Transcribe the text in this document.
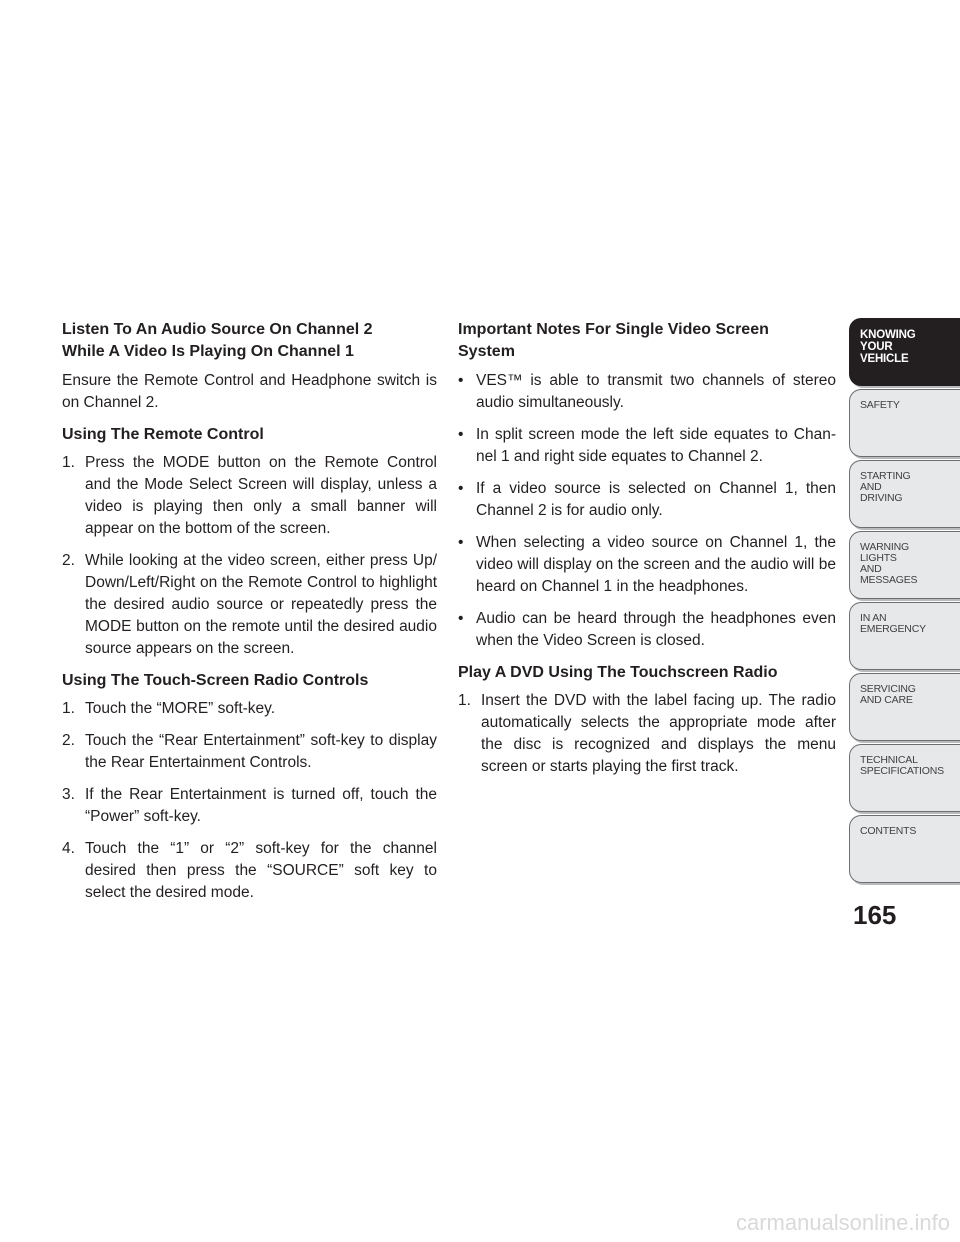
Listen To An Audio Source On Channel 2
While A Video Is Playing On Channel 1

Ensure the Remote Control and Headphone switch is on Channel 2.

Using The Remote Control
1. Press the MODE button on the Remote Control and the Mode Select Screen will display, unless a video is playing then only a small banner will appear on the bottom of the screen.
2. While looking at the video screen, either press Up/ Down/Left/Right on the Remote Control to highlight the desired audio source or repeatedly press the MODE button on the remote until the desired audio source appears on the screen.
Using The Touch-Screen Radio Controls
1. Touch the “MORE” soft-key.
2. Touch the “Rear Entertainment” soft-key to display the Rear Entertainment Controls.
3. If the Rear Entertainment is turned off, touch the “Power” soft-key.
4. Touch the “1” or “2” soft-key for the channel desired then press the “SOURCE” soft key to select the desired mode.
Important Notes For Single Video Screen
System
• VES™ is able to transmit two channels of stereo audio simultaneously.
• In split screen mode the left side equates to Chan- nel 1 and right side equates to Channel 2.
• If a video source is selected on Channel 1, then Channel 2 is for audio only.
• When selecting a video source on Channel 1, the video will display on the screen and the audio will be heard on Channel 1 in the headphones.
• Audio can be heard through the headphones even when the Video Screen is closed.
Play A DVD Using The Touchscreen Radio
1. Insert the DVD with the label facing up. The radio automatically selects the appropriate mode after the disc is recognized and displays the menu screen or starts playing the first track.
KNOWING
YOUR
VEHICLE
SAFETY
STARTING
AND
DRIVING
WARNING
LIGHTS
AND
MESSAGES
IN AN
EMERGENCY
SERVICING
AND CARE
TECHNICAL
SPECIFICATIONS
CONTENTS
165
carmanualsonline.info
